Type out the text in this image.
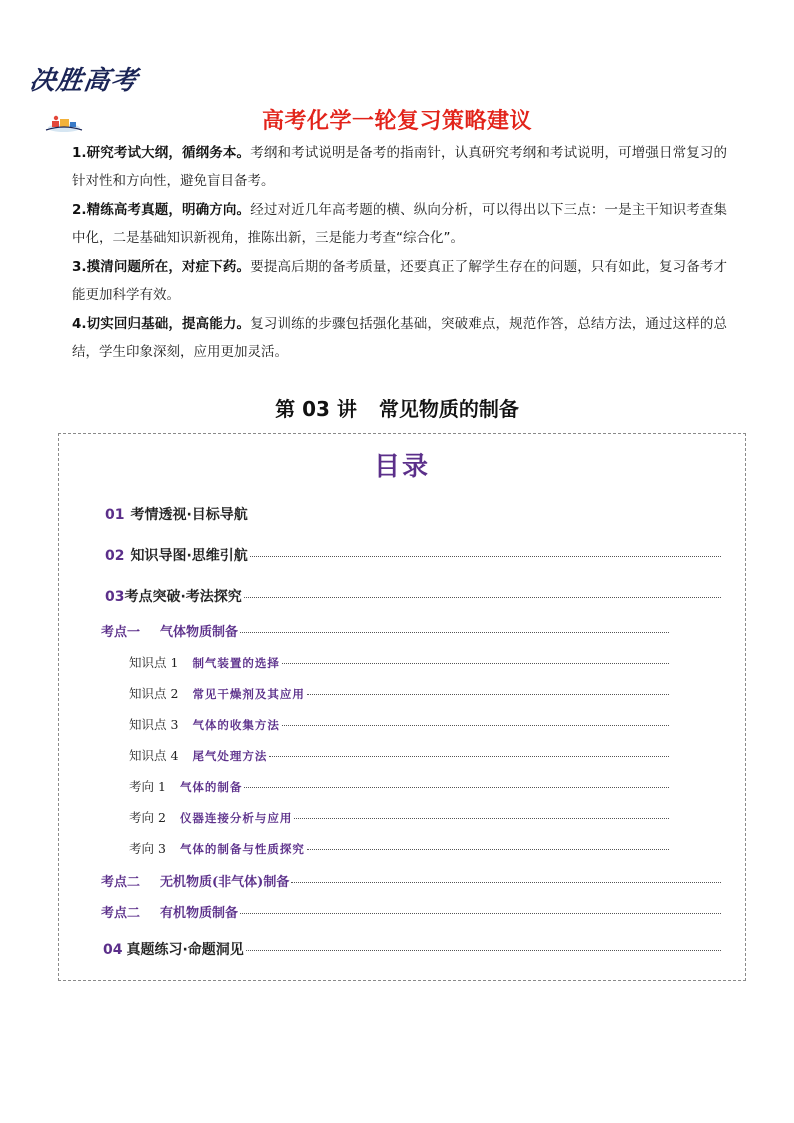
决胜高考
高考化学一轮复习策略建议

1.研究考试大纲，循纲务本。考纲和考试说明是备考的指南针，认真研究考纲和考试说明，可增强日常复习的针对性和方向性，避免盲目备考。

2.精练高考真题，明确方向。经过对近几年高考题的横、纵向分析，可以得出以下三点：一是主干知识考查集中化，二是基础知识新视角，推陈出新，三是能力考查“综合化”。

3.摸清问题所在，对症下药。要提高后期的备考质量，还要真正了解学生存在的问题，只有如此，复习备考才能更加科学有效。

4.切实回归基础，提高能力。复习训练的步骤包括强化基础，突破难点，规范作答，总结方法，通过这样的总结，学生印象深刻，应用更加灵活。

第 03 讲 常见物质的制备
目录
01 考情透视·目标导航
02 知识导图·思维引航
03 考点突破·考法探究
考点一 气体物质制备
知识点 1 制气装置的选择
知识点 2 常见干燥剂及其应用
知识点 3 气体的收集方法
知识点 4 尾气处理方法
考向 1 气体的制备
考向 2 仪器连接分析与应用
考向 3 气体的制备与性质探究
考点二 无机物质(非气体)制备
考点二 有机物质制备
04 真题练习·命题洞见
